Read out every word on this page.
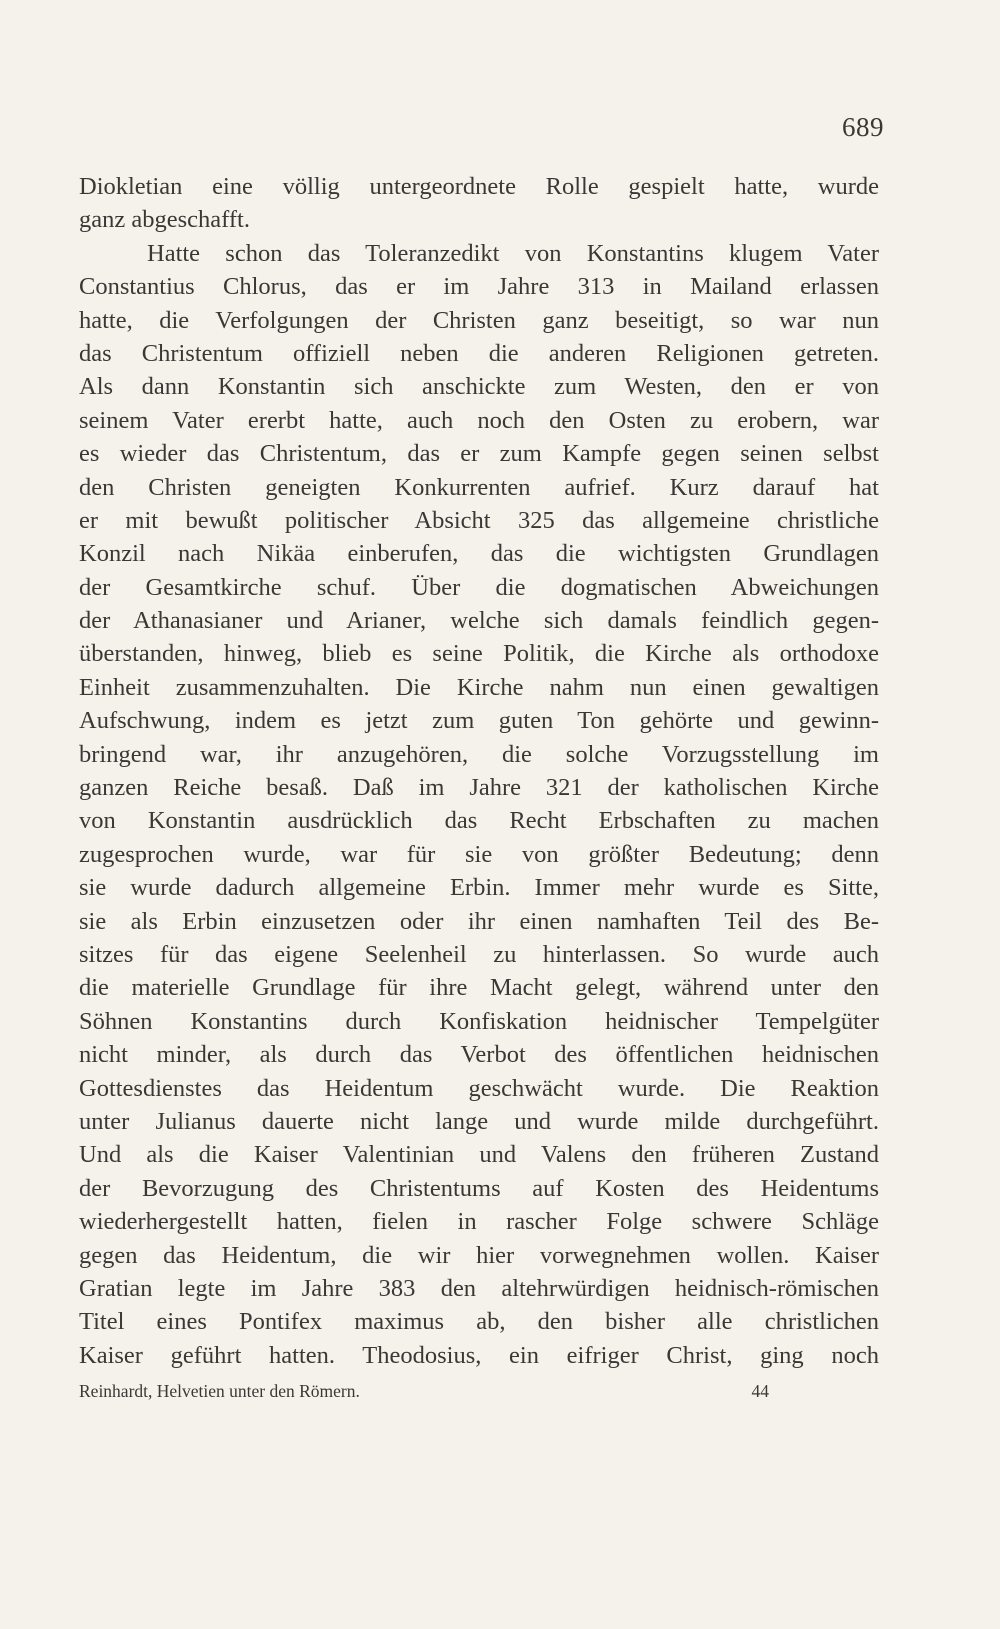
689
Diokletian eine völlig untergeordnete Rolle gespielt hatte, wurde
ganz abgeschafft.
Hatte schon das Toleranzedikt von Konstantins klugem Vater
Constantius Chlorus, das er im Jahre 313 in Mailand erlassen
hatte, die Verfolgungen der Christen ganz beseitigt, so war nun
das Christentum offiziell neben die anderen Religionen getreten.
Als dann Konstantin sich anschickte zum Westen, den er von
seinem Vater ererbt hatte, auch noch den Osten zu erobern, war
es wieder das Christentum, das er zum Kampfe gegen seinen selbst
den Christen geneigten Konkurrenten aufrief. Kurz darauf hat
er mit bewußt politischer Absicht 325 das allgemeine christliche
Konzil nach Nikäa einberufen, das die wichtigsten Grundlagen
der Gesamtkirche schuf. Über die dogmatischen Abweichungen
der Athanasianer und Arianer, welche sich damals feindlich gegen-
überstanden, hinweg, blieb es seine Politik, die Kirche als orthodoxe
Einheit zusammenzuhalten. Die Kirche nahm nun einen gewaltigen
Aufschwung, indem es jetzt zum guten Ton gehörte und gewinn-
bringend war, ihr anzugehören, die solche Vorzugsstellung im
ganzen Reiche besaß. Daß im Jahre 321 der katholischen Kirche
von Konstantin ausdrücklich das Recht Erbschaften zu machen
zugesprochen wurde, war für sie von größter Bedeutung; denn
sie wurde dadurch allgemeine Erbin. Immer mehr wurde es Sitte,
sie als Erbin einzusetzen oder ihr einen namhaften Teil des Be-
sitzes für das eigene Seelenheil zu hinterlassen. So wurde auch
die materielle Grundlage für ihre Macht gelegt, während unter den
Söhnen Konstantins durch Konfiskation heidnischer Tempelgüter
nicht minder, als durch das Verbot des öffentlichen heidnischen
Gottesdienstes das Heidentum geschwächt wurde. Die Reaktion
unter Julianus dauerte nicht lange und wurde milde durchgeführt.
Und als die Kaiser Valentinian und Valens den früheren Zustand
der Bevorzugung des Christentums auf Kosten des Heidentums
wiederhergestellt hatten, fielen in rascher Folge schwere Schläge
gegen das Heidentum, die wir hier vorwegnehmen wollen. Kaiser
Gratian legte im Jahre 383 den altehrwürdigen heidnisch-römischen
Titel eines Pontifex maximus ab, den bisher alle christlichen
Kaiser geführt hatten. Theodosius, ein eifriger Christ, ging noch
Reinhardt, Helvetien unter den Römern.	44
